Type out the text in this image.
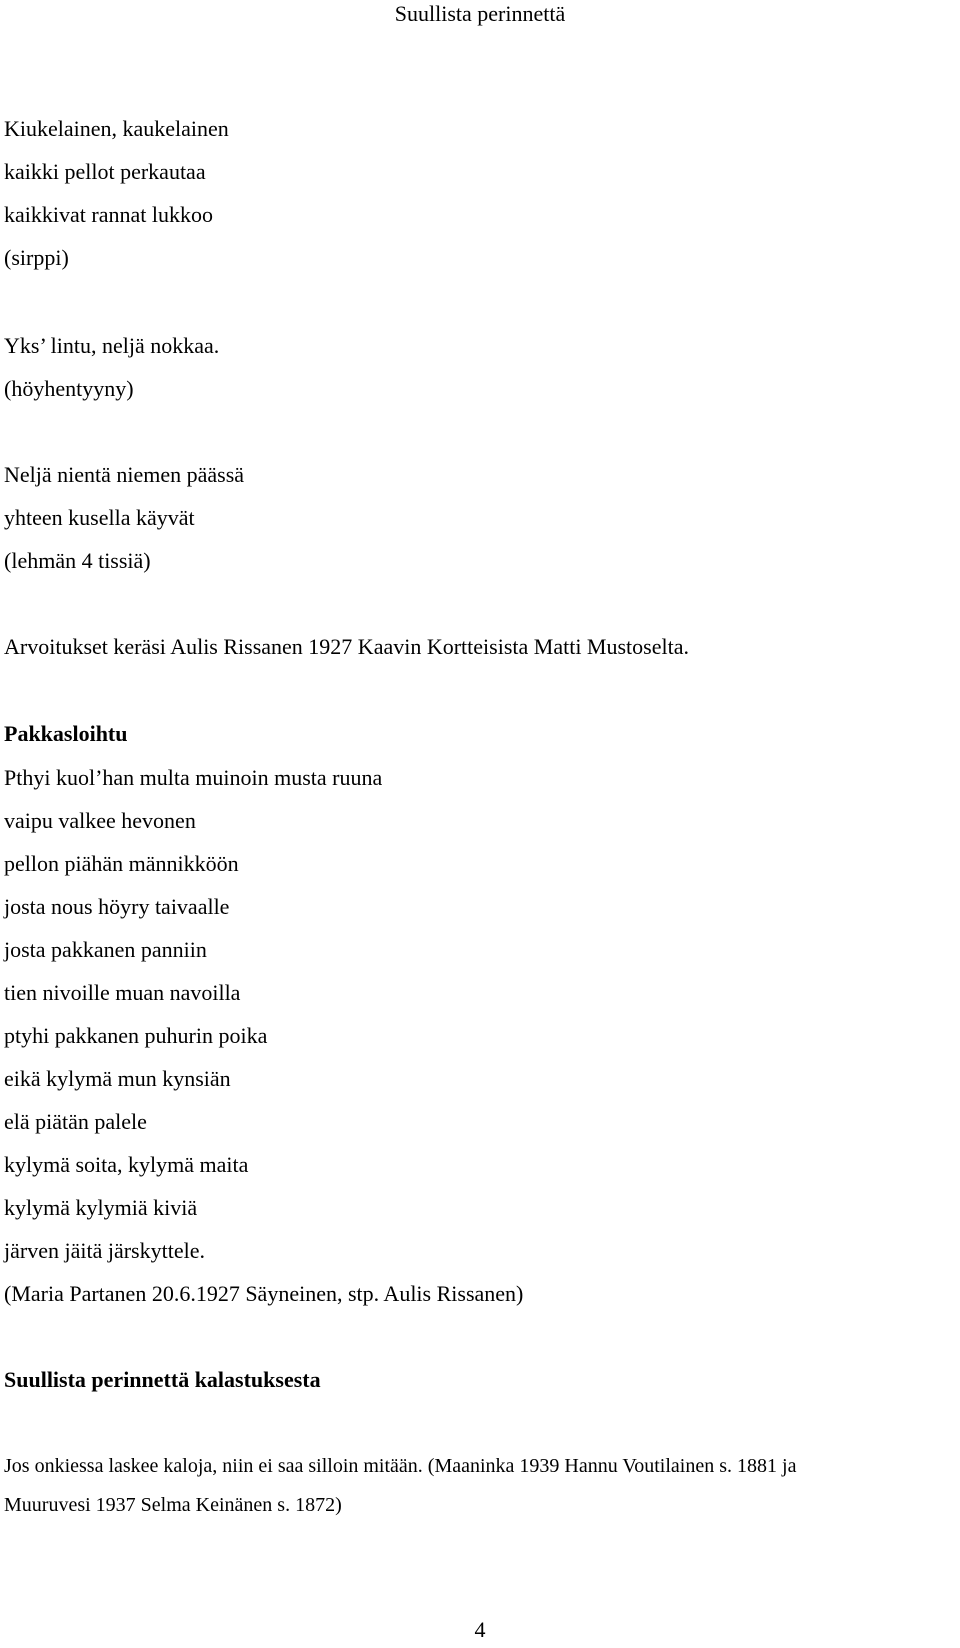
Suullista perinnettä
Kiukelainen, kaukelainen
kaikki pellot perkautaa
kaikkivat rannat lukkoo
(sirppi)
Yks’ lintu, neljä nokkaa.
(höyhentyyny)
Neljä nientä niemen päässä
yhteen kusella käyvät
(lehmän 4 tissiä)
Arvoitukset keräsi Aulis Rissanen 1927 Kaavin Kortteisista Matti Mustoselta.
Pakkasloihtu
Pthyi kuol’han multa muinoin musta ruuna
vaipu valkee hevonen
pellon piähän männikköön
josta nous höyry taivaalle
josta pakkanen panniin
tien nivoille muan navoilla
ptyhi pakkanen puhurin poika
eikä kylymä mun kynsiän
elä piätän palele
kylymä soita, kylymä maita
kylymä kylymiä kiviä
järven jäitä järskyttele.
(Maria Partanen 20.6.1927 Säyneinen, stp. Aulis Rissanen)
Suullista perinnettä kalastuksesta
Jos onkiessa laskee kaloja, niin ei saa silloin mitään. (Maaninka 1939 Hannu Voutilainen s. 1881 ja
Muuruvesi 1937 Selma Keinänen s. 1872)
4
